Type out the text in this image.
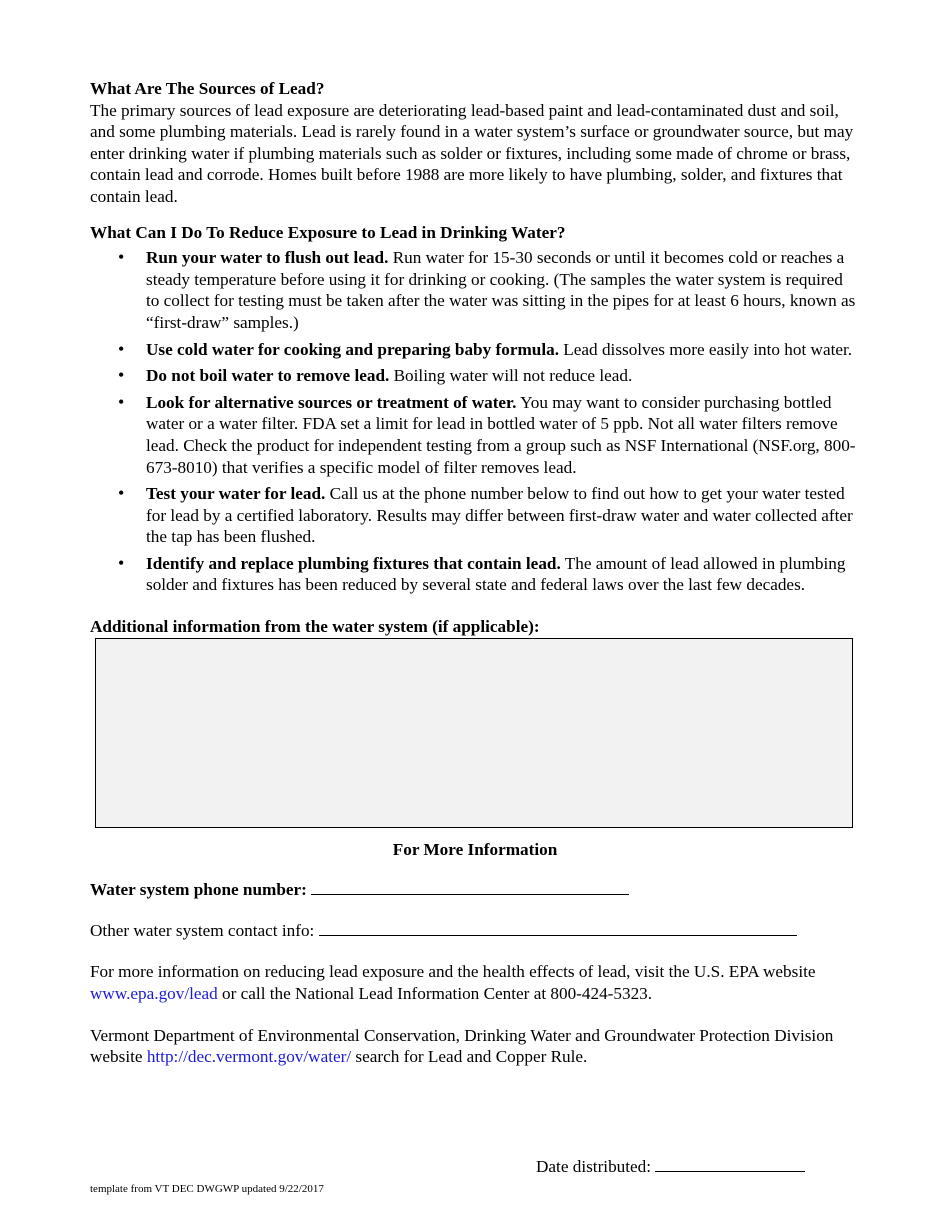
What Are The Sources of Lead?

The primary sources of lead exposure are deteriorating lead-based paint and lead-contaminated dust and soil, and some plumbing materials. Lead is rarely found in a water system’s surface or groundwater source, but may enter drinking water if plumbing materials such as solder or fixtures, including some made of chrome or brass, contain lead and corrode. Homes built before 1988 are more likely to have plumbing, solder, and fixtures that contain lead.

What Can I Do To Reduce Exposure to Lead in Drinking Water?
• Run your water to flush out lead. Run water for 15-30 seconds or until it becomes cold or reaches a steady temperature before using it for drinking or cooking. (The samples the water system is required to collect for testing must be taken after the water was sitting in the pipes for at least 6 hours, known as “first-draw” samples.)
• Use cold water for cooking and preparing baby formula. Lead dissolves more easily into hot water.
• Do not boil water to remove lead. Boiling water will not reduce lead.
• Look for alternative sources or treatment of water. You may want to consider purchasing bottled water or a water filter. FDA set a limit for lead in bottled water of 5 ppb. Not all water filters remove lead. Check the product for independent testing from a group such as NSF International (NSF.org, 800-673-8010) that verifies a specific model of filter removes lead.
• Test your water for lead. Call us at the phone number below to find out how to get your water tested for lead by a certified laboratory. Results may differ between first-draw water and water collected after the tap has been flushed.
• Identify and replace plumbing fixtures that contain lead. The amount of lead allowed in plumbing solder and fixtures has been reduced by several state and federal laws over the last few decades.
Additional information from the water system (if applicable):
For More Information

Water system phone number:

Other water system contact info:

For more information on reducing lead exposure and the health effects of lead, visit the U.S. EPA website www.epa.gov/lead or call the National Lead Information Center at 800-424-5323.

Vermont Department of Environmental Conservation, Drinking Water and Groundwater Protection Division website http://dec.vermont.gov/water/ search for Lead and Copper Rule.

Date distributed:
template from VT DEC DWGWP updated 9/22/2017
